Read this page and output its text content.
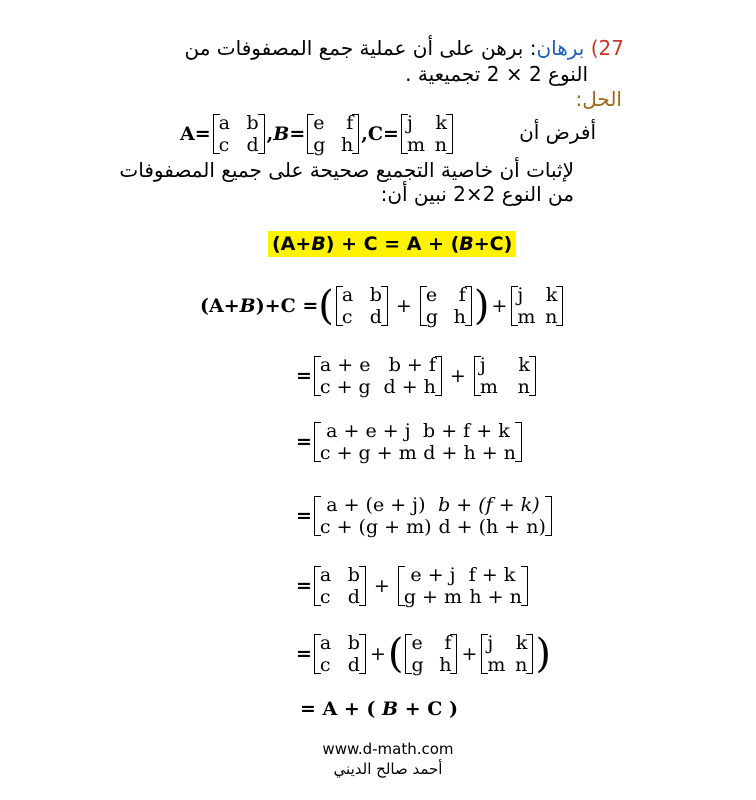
27) برهان: برهن على أن عملية جمع المصفوفات من
النوع 2 × 2 تجميعية .
الحل:
A= a b
c d , B= e f
g h ,C= j k
m n
أفرض أن
لإثبات أن خاصية التجميع صحيحة على جميع المصفوفات
من النوع 2×2 نبين أن:
(A+B) + C = A + (B+C)
(A+B)+C = ( a b
c d + e f
g h ) + j k
m n
= a + e b + f
c + g d + h + j k
m n
= a + e + j b + f + k
c + g + m d + h + n
= a + (e + j) b + (f + k)
c + (g + m) d + (h + n)
= a b
c d + e + j f + k
g + m h + n
= a b
c d + ( e f
g h + j k
m n )
= A + ( B + C )
www.d-math.com
أحمد صالح الديني
